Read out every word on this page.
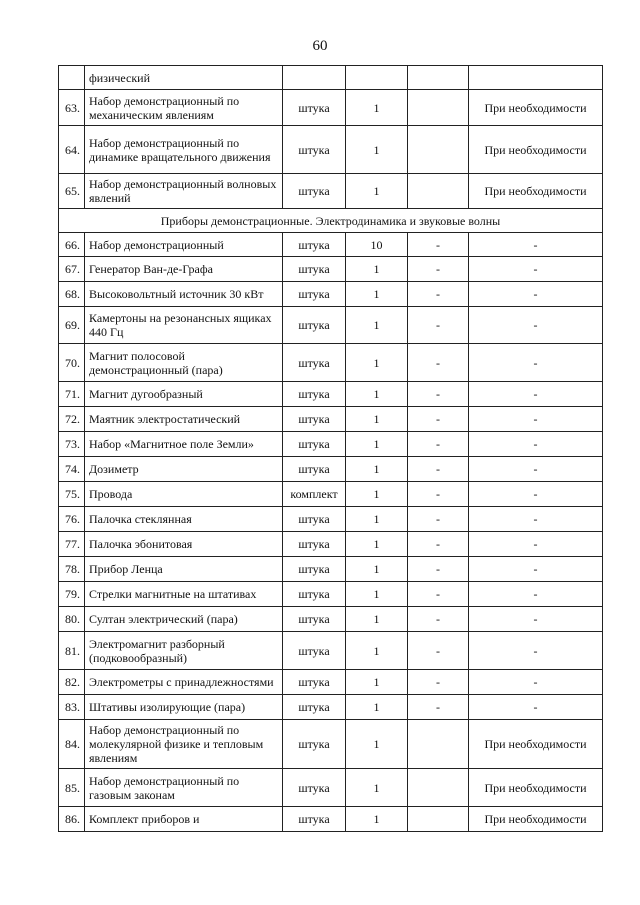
60
	физический				
63.	Набор демонстрационный по механическим явлениям	штука	1		При необходимости
64.	Набор демонстрационный по динамике вращательного движения	штука	1		При необходимости
65.	Набор демонстрационный волновых явлений	штука	1		При необходимости
Приборы демонстрационные. Электродинамика и звуковые волны					
66.	Набор демонстрационный	штука	10	-	-
67.	Генератор Ван-де-Графа	штука	1	-	-
68.	Высоковольтный источник 30 кВт	штука	1	-	-
69.	Камертоны на резонансных ящиках 440 Гц	штука	1	-	-
70.	Магнит полосовой демонстрационный (пара)	штука	1	-	-
71.	Магнит дугообразный	штука	1	-	-
72.	Маятник электростатический	штука	1	-	-
73.	Набор «Магнитное поле Земли»	штука	1	-	-
74.	Дозиметр	штука	1	-	-
75.	Провода	комплект	1	-	-
76.	Палочка стеклянная	штука	1	-	-
77.	Палочка эбонитовая	штука	1	-	-
78.	Прибор Ленца	штука	1	-	-
79.	Стрелки магнитные на штативах	штука	1	-	-
80.	Султан электрический (пара)	штука	1	-	-
81.	Электромагнит разборный (подковообразный)	штука	1	-	-
82.	Электрометры с принадлежностями	штука	1	-	-
83.	Штативы изолирующие (пара)	штука	1	-	-
84.	Набор демонстрационный по молекулярной физике и тепловым явлениям	штука	1		При необходимости
85.	Набор демонстрационный по газовым законам	штука	1		При необходимости
86.	Комплект приборов и	штука	1		При необходимости
